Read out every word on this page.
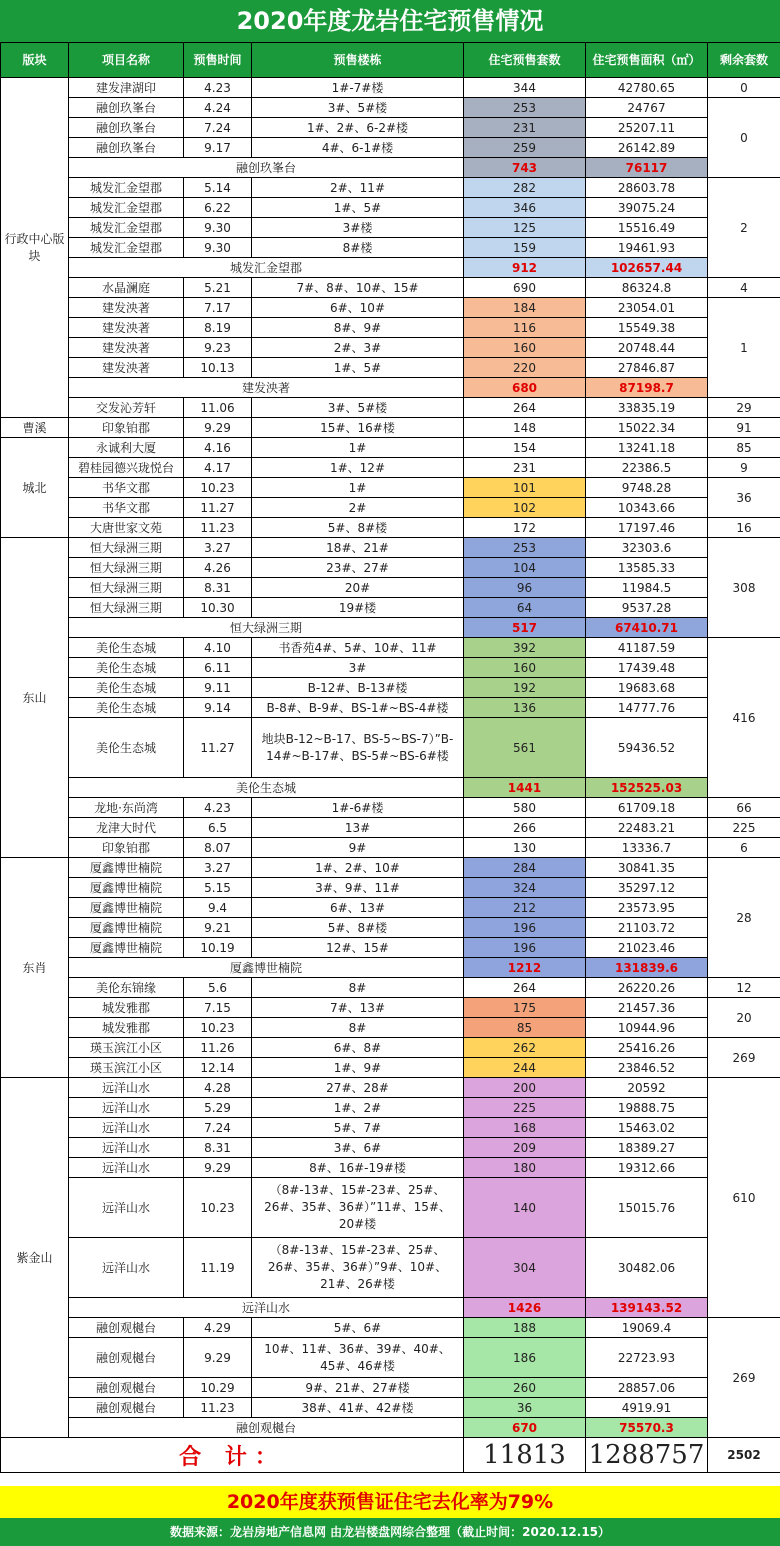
2020年度龙岩住宅预售情况
版块	项目名称	预售时间	预售楼栋	住宅预售套数	住宅预售面积（㎡）	剩余套数
行政中心版块	建发津湖印	4.23	1#-7#楼	344	42780.65	0
	融创玖峯台	4.24	3#、5#楼	253	24767	0
	融创玖峯台	7.24	1#、2#、6-2#楼	231	25207.11	
	融创玖峯台	9.17	4#、6-1#楼	259	26142.89	
	融创玖峯台			743	76117	
	城发汇金望郡	5.14	2#、11#	282	28603.78	2
	城发汇金望郡	6.22	1#、5#	346	39075.24	
	城发汇金望郡	9.30	3#楼	125	15516.49	
	城发汇金望郡	9.30	8#楼	159	19461.93	
	城发汇金望郡			912	102657.44	
	水晶澜庭	5.21	7#、8#、10#、15#	690	86324.8	4
	建发泱著	7.17	6#、10#	184	23054.01	1
	建发泱著	8.19	8#、9#	116	15549.38	
	建发泱著	9.23	2#、3#	160	20748.44	
	建发泱著	10.13	1#、5#	220	27846.87	
	建发泱著			680	87198.7	
	交发沁芳轩	11.06	3#、5#楼	264	33835.19	29
曹溪	印象铂郡	9.29	15#、16#楼	148	15022.34	91
城北	永诚利大厦	4.16	1#	154	13241.18	85
	碧桂园德兴珑悦台	4.17	1#、12#	231	22386.5	9
	书华文郡	10.23	1#	101	9748.28	36
	书华文郡	11.27	2#	102	10343.66	
	大唐世家文苑	11.23	5#、8#楼	172	17197.46	16
东山	恒大绿洲三期	3.27	18#、21#	253	32303.6	308
	恒大绿洲三期	4.26	23#、27#	104	13585.33	
	恒大绿洲三期	8.31	20#	96	11984.5	
	恒大绿洲三期	10.30	19#楼	64	9537.28	
	恒大绿洲三期			517	67410.71	
	美伦生态城	4.10	书香苑4#、5#、10#、11#	392	41187.59	416
	美伦生态城	6.11	3#	160	17439.48	
	美伦生态城	9.11	B-12#、B-13#楼	192	19683.68	
	美伦生态城	9.14	B-8#、B-9#、BS-1#~BS-4#楼	136	14777.76	
	美伦生态城	11.27	地块B-12~B-17、BS-5~BS-7）”B-14#~B-17#、BS-5#~BS-6#楼	561	59436.52	
	美伦生态城			1441	152525.03	
	龙地·东尚湾	4.23	1#-6#楼	580	61709.18	66
	龙津大时代	6.5	13#	266	22483.21	225
	印象铂郡	8.07	9#	130	13336.7	6
东肖	厦鑫博世楠院	3.27	1#、2#、10#	284	30841.35	28
	厦鑫博世楠院	5.15	3#、9#、11#	324	35297.12	
	厦鑫博世楠院	9.4	6#、13#	212	23573.95	
	厦鑫博世楠院	9.21	5#、8#楼	196	21103.72	
	厦鑫博世楠院	10.19	12#、15#	196	21023.46	
	厦鑫博世楠院			1212	131839.6	
	美伦东锦缘	5.6	8#	264	26220.26	12
	城发雅郡	7.15	7#、13#	175	21457.36	20
	城发雅郡	10.23	8#	85	10944.96	
	瑛玉滨江小区	11.26	6#、8#	262	25416.26	269
	瑛玉滨江小区	12.14	1#、9#	244	23846.52	
紫金山	远洋山水	4.28	27#、28#	200	20592	610
	远洋山水	5.29	1#、2#	225	19888.75	
	远洋山水	7.24	5#、7#	168	15463.02	
	远洋山水	8.31	3#、6#	209	18389.27	
	远洋山水	9.29	8#、16#-19#楼	180	19312.66	
	远洋山水	10.23	（8#-13#、15#-23#、25#、26#、35#、36#）”11#、15#、20#楼	140	15015.76	
	远洋山水	11.19	（8#-13#、15#-23#、25#、26#、35#、36#）”9#、10#、21#、26#楼	304	30482.06	
	远洋山水			1426	139143.52	
	融创观樾台	4.29	5#、6#	188	19069.4	269
	融创观樾台	9.29	10#、11#、36#、39#、40#、45#、46#楼	186	22723.93	
	融创观樾台	10.29	9#、21#、27#楼	260	28857.06	
	融创观樾台	11.23	38#、41#、42#楼	36	4919.91	
	融创观樾台			670	75570.3	
合 计：				11813	1288757	2502
2020年度获预售证住宅去化率为79%
数据来源：龙岩房地产信息网 由龙岩楼盘网综合整理（截止时间：2020.12.15）
